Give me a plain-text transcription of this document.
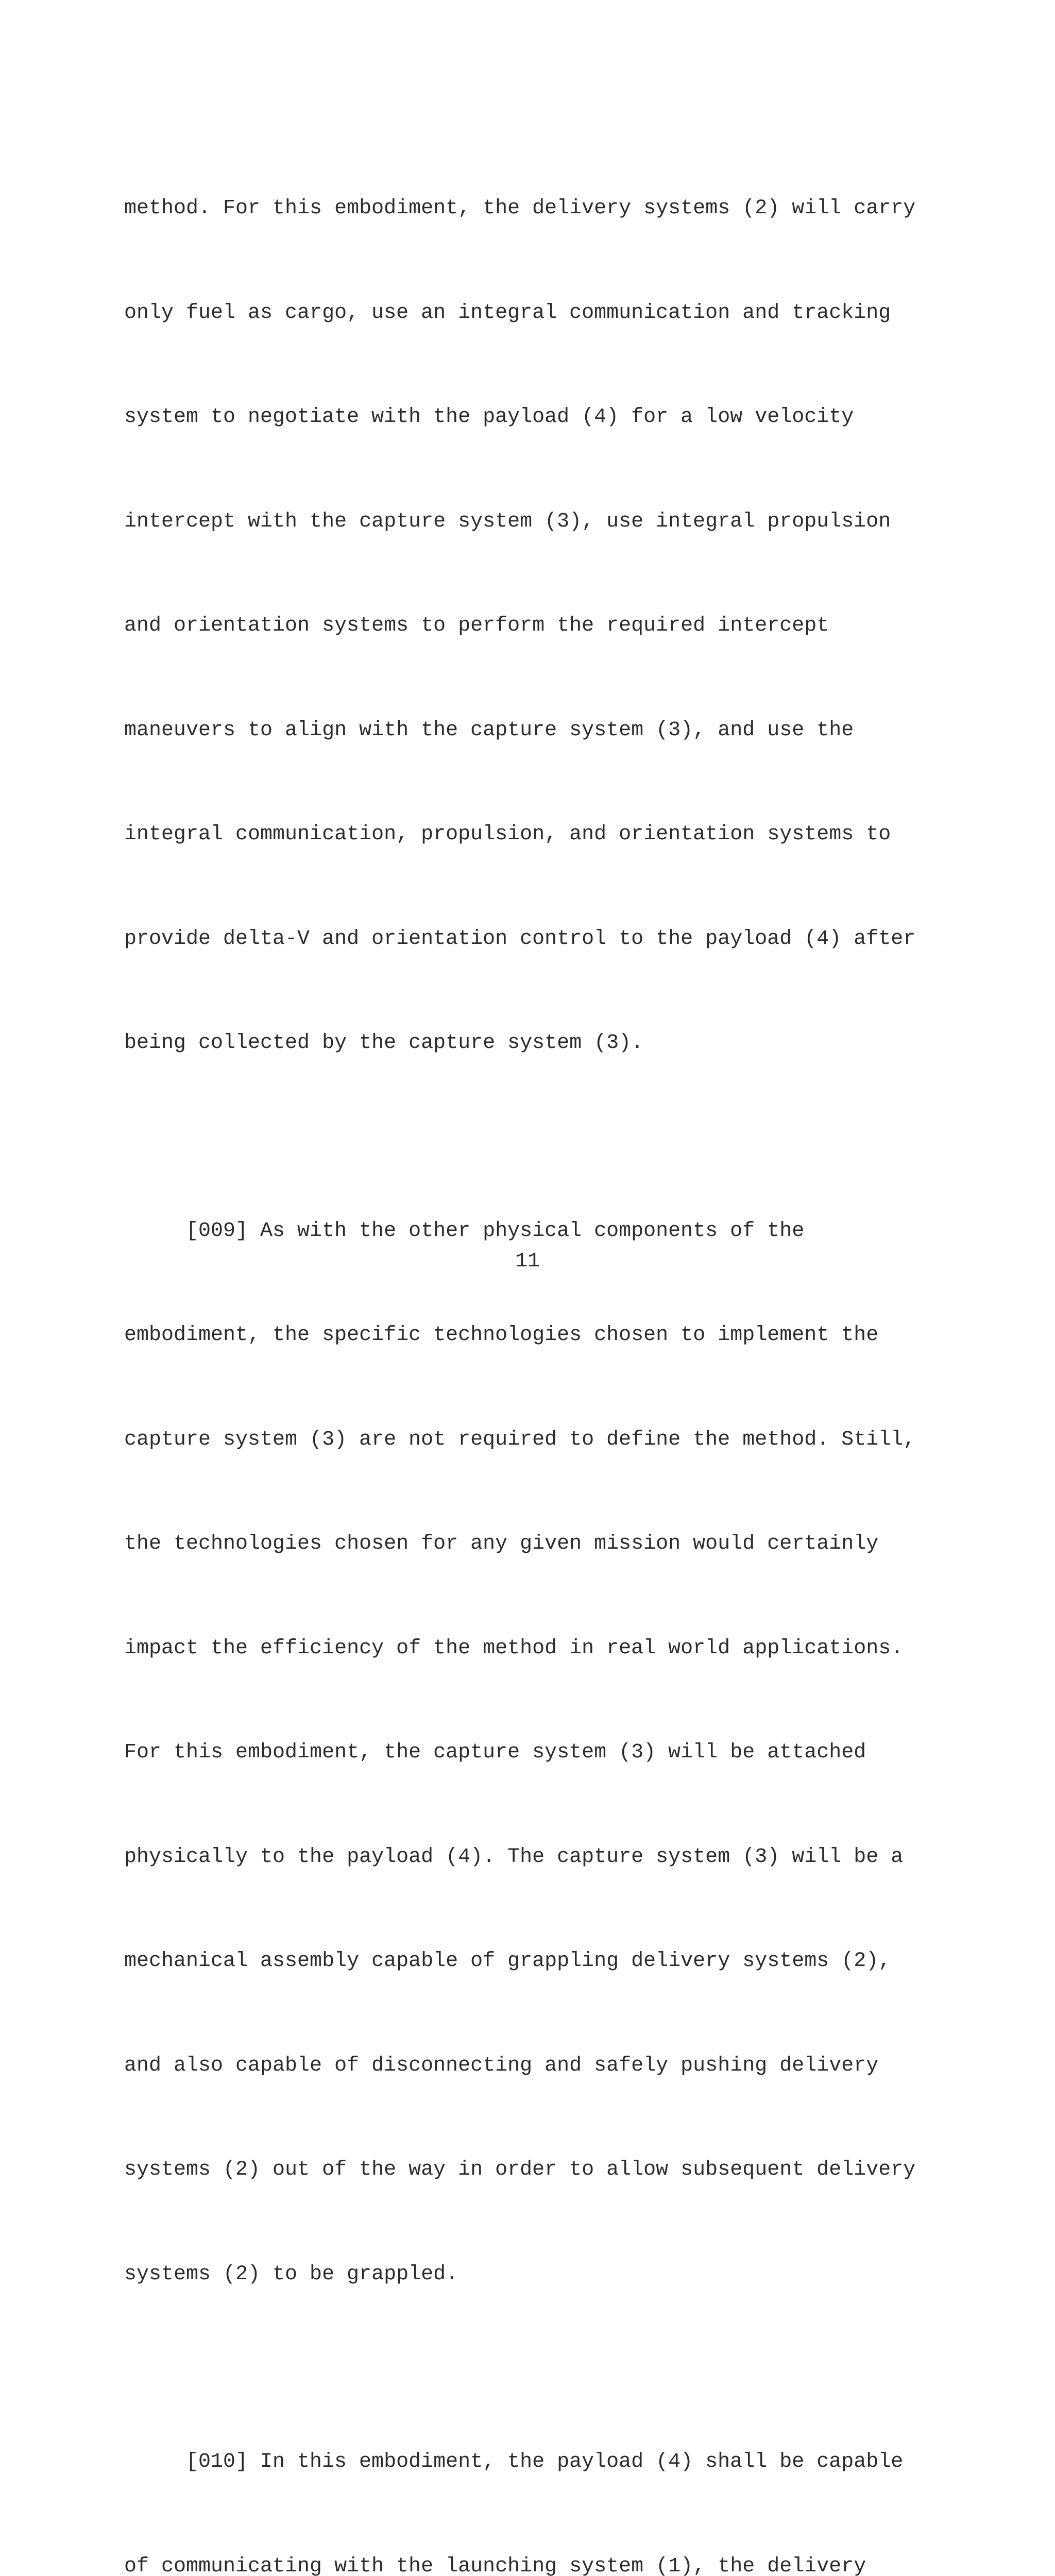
method. For this embodiment, the delivery systems (2) will carry

only fuel as cargo, use an integral communication and tracking

system to negotiate with the payload (4) for a low velocity

intercept with the capture system (3), use integral propulsion

and orientation systems to perform the required intercept

maneuvers to align with the capture system (3), and use the

integral communication, propulsion, and orientation systems to

provide delta-V and orientation control to the payload (4) after

being collected by the capture system (3).

[009] As with the other physical components of the

embodiment, the specific technologies chosen to implement the

capture system (3) are not required to define the method. Still,

the technologies chosen for any given mission would certainly

impact the efficiency of the method in real world applications.

For this embodiment, the capture system (3) will be attached

physically to the payload (4). The capture system (3) will be a

mechanical assembly capable of grappling delivery systems (2),

and also capable of disconnecting and safely pushing delivery

systems (2) out of the way in order to allow subsequent delivery

systems (2) to be grappled.

[010] In this embodiment, the payload (4) shall be capable

of communicating with the launching system (1), the delivery

11
